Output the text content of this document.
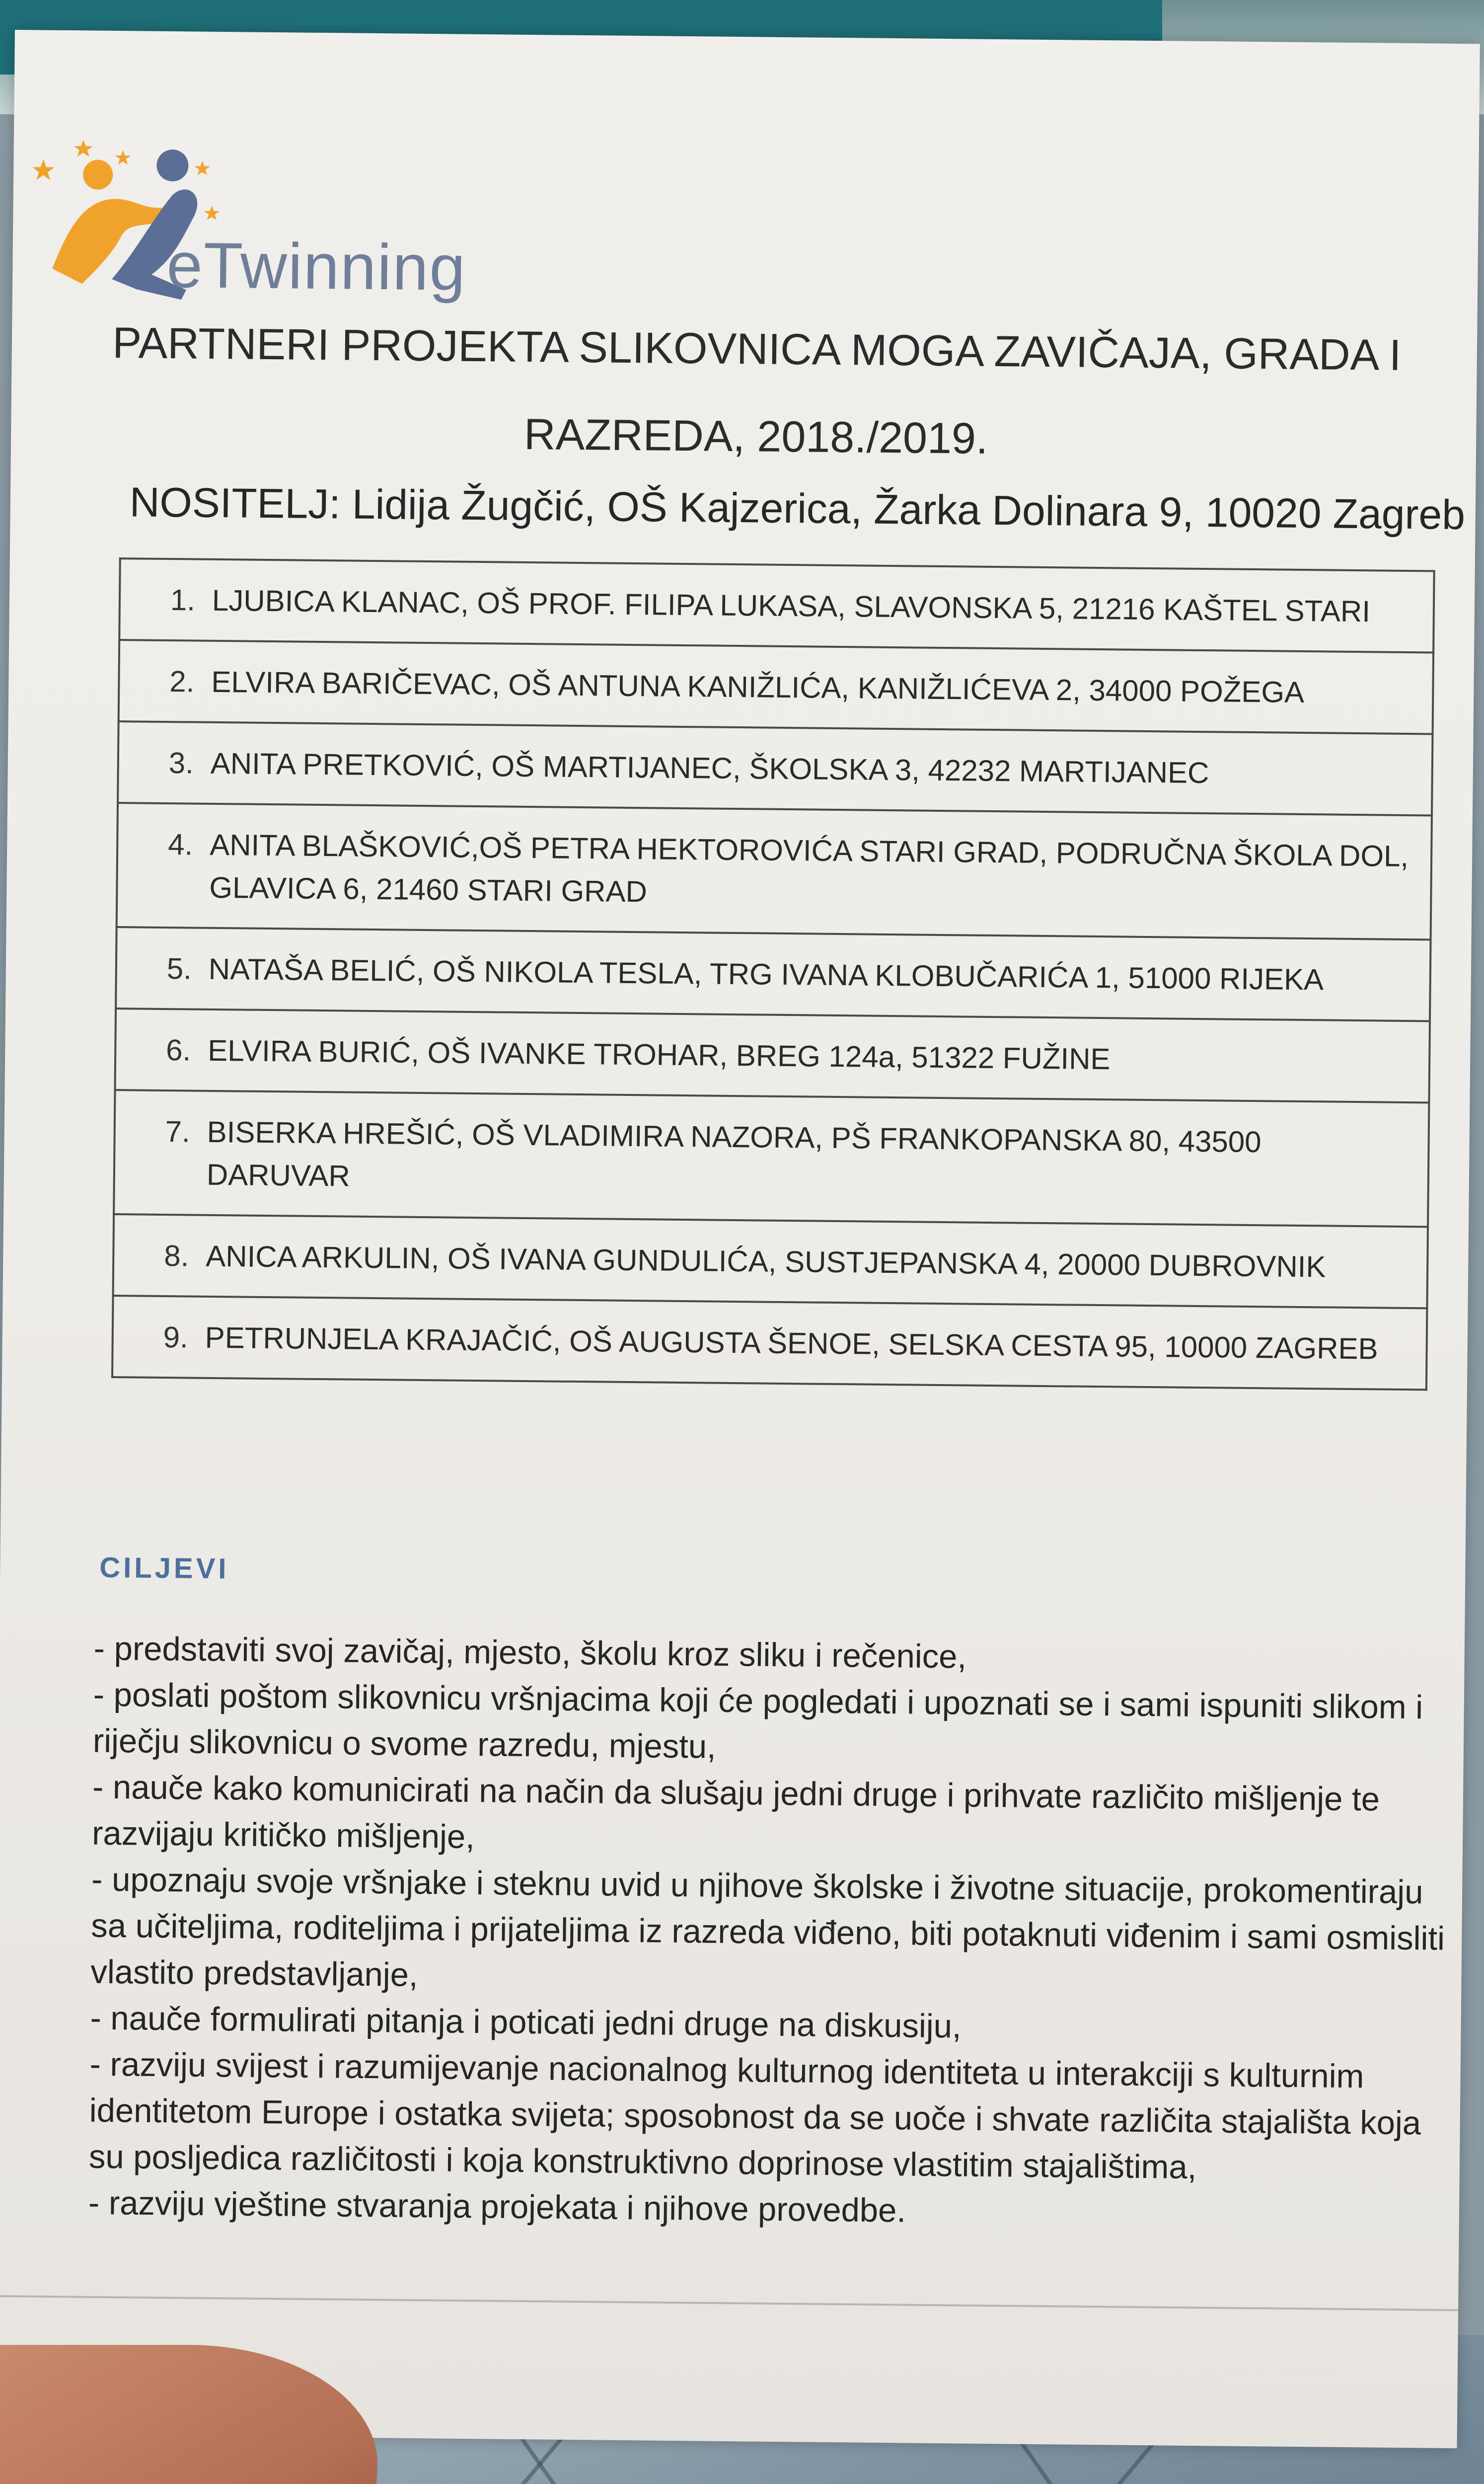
eTwinning
PARTNERI PROJEKTA SLIKOVNICA MOGA ZAVIČAJA, GRADA I
RAZREDA, 2018./2019.
NOSITELJ: Lidija Žugčić, OŠ Kajzerica, Žarka Dolinara 9, 10020 Zagreb
1. LJUBICA KLANAC, OŠ PROF. FILIPA LUKASA, SLAVONSKA 5, 21216 KAŠTEL STARI

2. ELVIRA BARIČEVAC, OŠ ANTUNA KANIŽLIĆA, KANIŽLIĆEVA 2, 34000 POŽEGA

3. ANITA PRETKOVIĆ, OŠ MARTIJANEC, ŠKOLSKA 3, 42232 MARTIJANEC

4. ANITA BLAŠKOVIĆ,OŠ PETRA HEKTOROVIĆA STARI GRAD, PODRUČNA ŠKOLA DOL, GLAVICA 6, 21460 STARI GRAD

5. NATAŠA BELIĆ, OŠ NIKOLA TESLA, TRG IVANA KLOBUČARIĆA 1, 51000 RIJEKA

6. ELVIRA BURIĆ, OŠ IVANKE TROHAR, BREG 124a, 51322 FUŽINE

7. BISERKA HREŠIĆ, OŠ VLADIMIRA NAZORA, PŠ FRANKOPANSKA 80, 43500 DARUVAR

8. ANICA ARKULIN, OŠ IVANA GUNDULIĆA, SUSTJEPANSKA 4, 20000 DUBROVNIK

9. PETRUNJELA KRAJAČIĆ, OŠ AUGUSTA ŠENOE, SELSKA CESTA 95, 10000 ZAGREB
CILJEVI

- predstaviti svoj zavičaj, mjesto, školu kroz sliku i rečenice,

- poslati poštom slikovnicu vršnjacima koji će pogledati i upoznati se i sami ispuniti slikom i riječju slikovnicu o svome razredu, mjestu,

- nauče kako komunicirati na način da slušaju jedni druge i prihvate različito mišljenje te razvijaju kritičko mišljenje,

- upoznaju svoje vršnjake i steknu uvid u njihove školske i životne situacije, prokomentiraju sa učiteljima, roditeljima i prijateljima iz razreda viđeno, biti potaknuti viđenim i sami osmisliti vlastito predstavljanje,

- nauče formulirati pitanja i poticati jedni druge na diskusiju,

- razviju svijest i razumijevanje nacionalnog kulturnog identiteta u interakciji s kulturnim identitetom Europe i ostatka svijeta; sposobnost da se uoče i shvate različita stajališta koja su posljedica različitosti i koja konstruktivno doprinose vlastitim stajalištima,

- razviju vještine stvaranja projekata i njihove provedbe.
